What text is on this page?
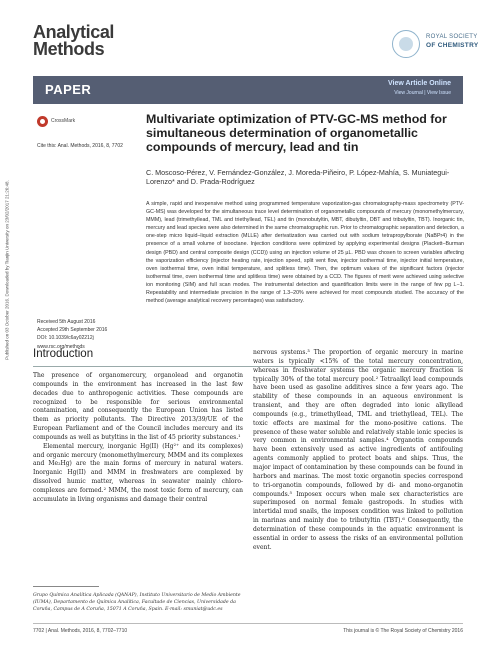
Analytical
Methods
ROYAL SOCIETY
OF CHEMISTRY
PAPER	View Article Online
View Journal | View Issue
Published on 03 October 2016. Downloaded by Tianjin University on 23/02/2017 21:26:48.
CrossMark
Cite this: Anal. Methods, 2016, 8, 7702
Multivariate optimization of PTV-GC-MS method for simultaneous determination of organometallic compounds of mercury, lead and tin
C. Moscoso-Pérez, V. Fernández-González, J. Moreda-Piñeiro, P. López-Mahía, S. Muniategui-Lorenzo* and D. Prada-Rodríguez
A simple, rapid and inexpensive method using programmed temperature vaporization-gas chromatography-mass spectrometry (PTV-GC-MS) was developed for the simultaneous trace level determination of organometallic compounds of mercury (monomethylmercury, MMM), lead (trimethyllead, TML and triethyllead, TEL) and tin (monobutyltin, MBT, dibutyltin, DBT and tributyltin, TBT). Inorganic tin, mercury and lead species were also determined in the same chromatographic run. Prior to chromatographic separation and detection, a one-step micro liquid–liquid extraction (MLLE) after derivatization was carried out with sodium tetrapropylborate (NaBPr4) in the presence of a small volume of isooctane. Injection conditions were optimized by applying experimental designs (Plackett–Burman design (PBD) and central composite design (CCD)) using an injection volume of 25 µL. PBD was chosen to screen variables affecting the vaporization efficiency (injector heating rate, injection speed, split vent flow, injector isothermal time, injector initial temperature, oven isothermal time, oven initial temperature, and splitless time). Then, the optimum values of the significant factors (injector isothermal time, oven isothermal time and splitless time) were obtained by a CCD. The figures of merit were achieved using selective ion monitoring (SIM) and full scan modes. The instrumental detection and quantification limits were in the range of few pg L−1. Repeatability and intermediate precision in the range of 1.3–20% were achieved for most compounds studied. The accuracy of the method (average analytical recovery percentages) was satisfactory.
Received 5th August 2016
Accepted 29th September 2016
DOI: 10.1039/c6ay02212j
www.rsc.org/methods
Introduction

The presence of organomercury, organolead and organotin compounds in the environment has increased in the last few decades due to anthropogenic activities. These compounds are recognized to be responsible for serious environmental contamination, and consequently the European Union has listed them as priority pollutants. The Directive 2013/39/UE of the European Parliament and of the Council includes mercury and its compounds as well as butyltins in the list of 45 priority substances.¹

Elemental mercury, inorganic Hg(II) (Hg²⁺ and its complexes) and organic mercury (monomethylmercury, MMM and its complexes and Me₂Hg) are the main forms of mercury in natural waters. Inorganic Hg(II) and MMM in freshwaters are complexed by dissolved humic matter, whereas in seawater mainly chloro-complexes are formed.² MMM, the most toxic form of mercury, can accumulate in living organisms and damage their central

nervous systems.³ The proportion of organic mercury in marine waters is typically <15% of the total mercury concentration, whereas in freshwater systems the organic mercury fraction is typically 30% of the total mercury pool.² Tetraalkyl lead compounds have been used as gasoline additives since a few years ago. The stability of these compounds in an aqueous environment is transient, and they are often degraded into ionic alkyllead compounds (e.g., trimethyllead, TML and triethyllead, TEL). The toxic effects are maximal for the mono-positive cations. The presence of these water soluble and relatively stable ionic species is very common in environmental samples.⁴ Organotin compounds have been extensively used as active ingredients of antifouling agents commonly applied to protect boats and ships. Thus, the major impact of contamination by these compounds can be found in harbors and marinas. The most toxic organotin species correspond to tri-organotin compounds, followed by di- and mono-organotin compounds.⁵ Imposex occurs when male sex characteristics are superimposed on normal female gastropods. In studies with intertidal mud snails, the imposex condition was linked to pollution in marinas and mainly due to tributyltin (TBT).⁶ Consequently, the determination of these compounds in the aquatic environment is essential in order to assess the risks of an environmental pollution event.

Grupo Química Analítica Aplicada (QANAP), Instituto Universitario de Medio Ambiente (IUMA), Departamento de Química Analítica, Facultade de Ciencias, Universidade da Coruña, Campus de A Coruña, 15071 A Coruña, Spain. E-mail: smuniat@udc.es
7702 | Anal. Methods, 2016, 8, 7702–7710	This journal is © The Royal Society of Chemistry 2016
